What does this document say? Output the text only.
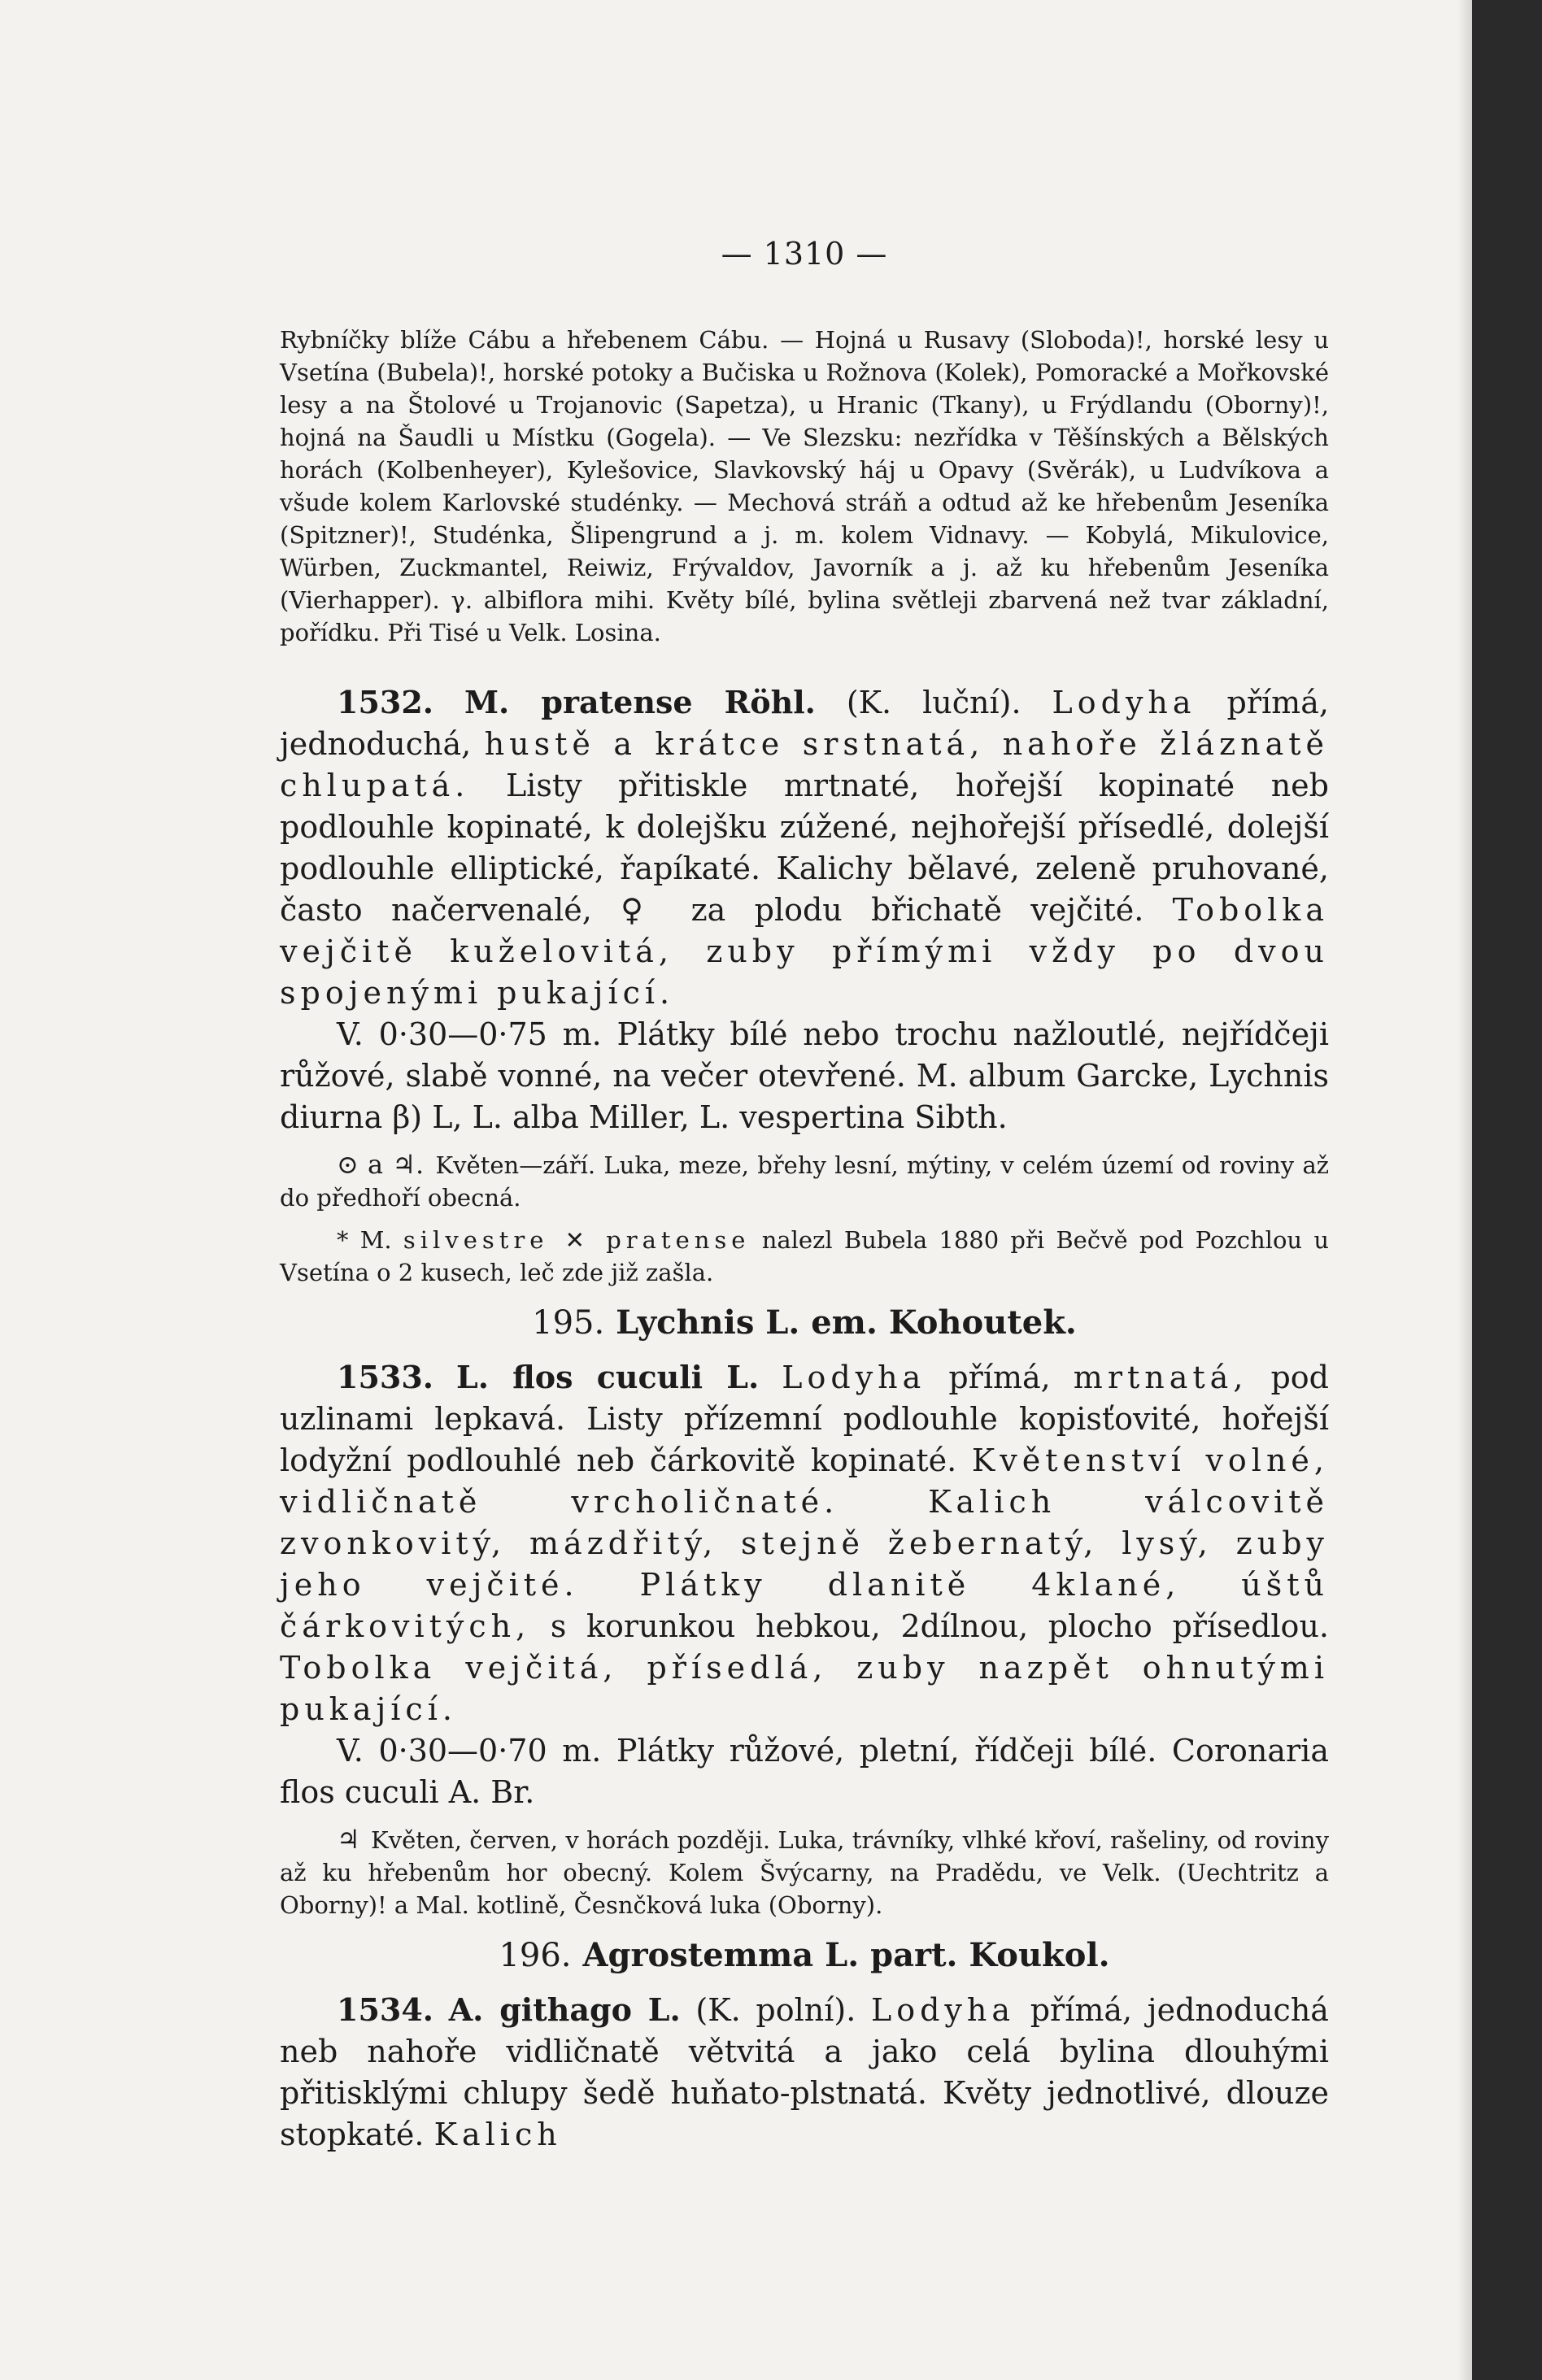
— 1310 —

Rybníčky blíže Cábu a hřebenem Cábu. — Hojná u Rusavy (Sloboda)!, horské lesy u Vsetína (Bubela)!, horské potoky a Bučiska u Rožnova (Kolek), Pomoracké a Mořkovské lesy a na Štolové u Trojanovic (Sapetza), u Hranic (Tkany), u Frýdlandu (Oborny)!, hojná na Šaudli u Místku (Gogela). — Ve Slezsku: nezřídka v Těšínských a Bělských horách (Kolbenheyer), Kylešovice, Slavkovský háj u Opavy (Svěrák), u Ludvíkova a všude kolem Karlovské studénky. — Mechová stráň a odtud až ke hřebenům Jeseníka (Spitzner)!, Studénka, Šlipengrund a j. m. kolem Vidnavy. — Kobylá, Mikulovice, Würben, Zuckmantel, Reiwiz, Frývaldov, Javorník a j. až ku hřebenům Jeseníka (Vierhapper). γ. albiflora mihi. Květy bílé, bylina světleji zbarvená než tvar základní, pořídku. Při Tisé u Velk. Losina.

1532. M. pratense Röhl. (K. luční). Lodyha přímá, jednoduchá, hustě a krátce srstnatá, nahoře žláznatě chlupatá. Listy přitiskle mrtnaté, hořejší kopinaté neb podlouhle kopinaté, k dolejšku zúžené, nejhořejší přísedlé, dolejší podlouhle elliptické, řapíkaté. Kalichy bělavé, zeleně pruhované, často načervenalé, ♀ za plodu břichatě vejčité. Tobolka vejčitě kuželovitá, zuby přímými vždy po dvou spojenými pukající.

V. 0·30—0·75 m. Plátky bílé nebo trochu nažloutlé, nejřídčeji růžové, slabě vonné, na večer otevřené. M. album Garcke, Lychnis diurna β) L, L. alba Miller, L. vespertina Sibth.

⊙ a ♃. Květen—září. Luka, meze, břehy lesní, mýtiny, v celém území od roviny až do předhoří obecná.

* M. silvestre ✕ pratense nalezl Bubela 1880 při Bečvě pod Pozchlou u Vsetína o 2 kusech, leč zde již zašla.

195. Lychnis L. em. Kohoutek.

1533. L. flos cuculi L. Lodyha přímá, mrtnatá, pod uzlinami lepkavá. Listy přízemní podlouhle kopisťovité, hořejší lodyžní podlouhlé neb čárkovitě kopinaté. Květenství volné, vidličnatě vrcholičnaté. Kalich válcovitě zvonkovitý, mázdřitý, stejně žebernatý, lysý, zuby jeho vejčité. Plátky dlanitě 4klané, úštů čárkovitých, s korunkou hebkou, 2dílnou, plocho přísedlou. Tobolka vejčitá, přísedlá, zuby nazpět ohnutými pukající.

V. 0·30—0·70 m. Plátky růžové, pletní, řídčeji bílé. Coronaria flos cuculi A. Br.

♃ Květen, červen, v horách později. Luka, trávníky, vlhké křoví, rašeliny, od roviny až ku hřebenům hor obecný. Kolem Švýcarny, na Pradědu, ve Velk. (Uechtritz a Oborny)! a Mal. kotlině, Česnčková luka (Oborny).

196. Agrostemma L. part. Koukol.

1534. A. githago L. (K. polní). Lodyha přímá, jednoduchá neb nahoře vidličnatě větvitá a jako celá bylina dlouhými přitisklými chlupy šedě huňato-plstnatá. Květy jednotlivé, dlouze stopkaté. Kalich
